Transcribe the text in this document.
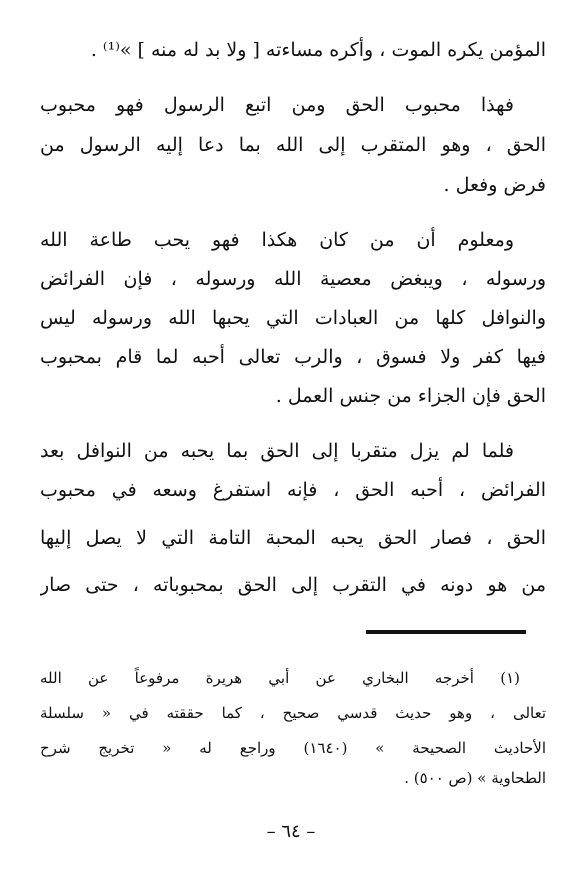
المؤمن يكره الموت ، وأكره مساءته [ ولا بد له منه ] »⁽¹⁾ .
فهذا محبوب الحق ومن اتبع الرسول فهو محبوب
الحق ، وهو المتقرب إلى الله بما دعا إليه الرسول من
فرض وفعل .
ومعلوم أن من كان هكذا فهو يحب طاعة الله
ورسوله ، ويبغض معصية الله ورسوله ، فإن الفرائض
والنوافل كلها من العبادات التي يحبها الله ورسوله ليس
فيها كفر ولا فسوق ، والرب تعالى أحبه لما قام بمحبوب
الحق فإن الجزاء من جنس العمل .
فلما لم يزل متقربا إلى الحق بما يحبه من النوافل بعد
الفرائض ، أحبه الحق ، فإنه استفرغ وسعه في محبوب
الحق ، فصار الحق يحبه المحبة التامة التي لا يصل إليها
من هو دونه في التقرب إلى الحق بمحبوباته ، حتى صار
(١) أخرجه البخاري عن أبي هريرة مرفوعاً عن الله
تعالى ، وهو حديث قدسي صحيح ، كما حققته في « سلسلة
الأحاديث الصحيحة » (١٦٤٠) وراجع له « تخريج شرح
الطحاوية » (ص ٥٠٠) .
– ٦٤ –
